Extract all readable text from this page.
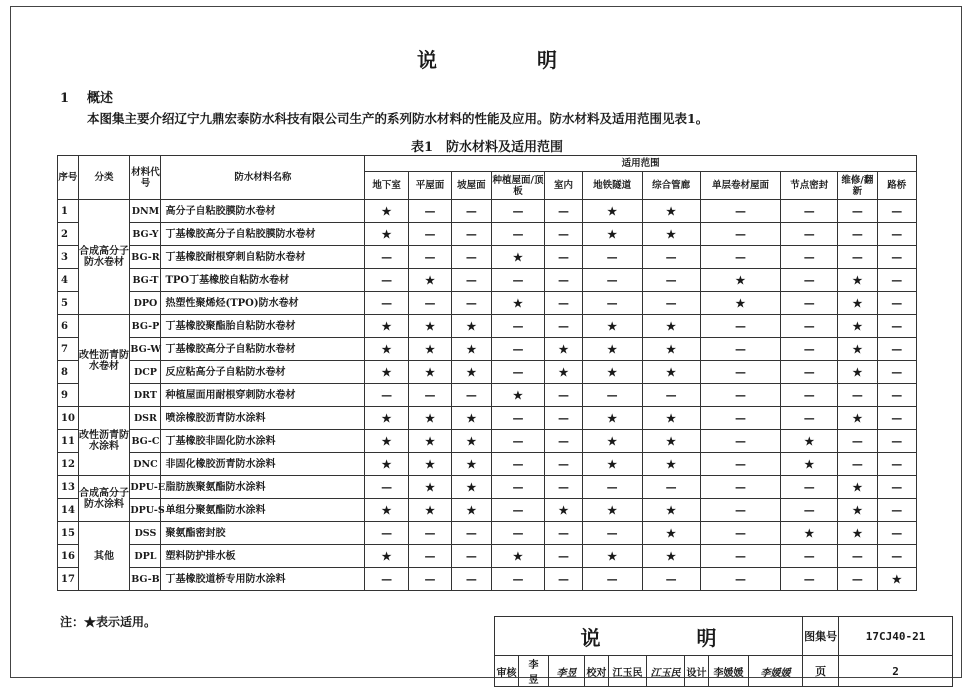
说　明
1 概述
本图集主要介绍辽宁九鼎宏泰防水科技有限公司生产的系列防水材料的性能及应用。防水材料及适用范围见表1。
表1　防水材料及适用范围
序号	分类	材料代号	防水材料名称	适用范围										
				地下室	平屋面	坡屋面	种植屋面/顶板	室内	地铁隧道	综合管廊	单层卷材屋面	节点密封	维修/翻新	路桥
1	合成高分子防水卷材	DNM	高分子自粘胶膜防水卷材	★	—	—	—	—	★	★	—	—	—	—
2		BG-Y	丁基橡胶高分子自粘胶膜防水卷材	★	—	—	—	—	★	★	—	—	—	—
3		BG-R	丁基橡胶耐根穿刺自粘防水卷材	—	—	—	★	—	—	—	—	—	—	—
4		BG-T	TPO丁基橡胶自粘防水卷材	—	★	—	—	—	—	—	★	—	★	—
5		DPO	热塑性聚烯烃(TPO)防水卷材	—	—	—	★	—	—	—	★	—	★	—
6	改性沥青防水卷材	BG-P	丁基橡胶聚酯胎自粘防水卷材	★	★	★	—	—	★	★	—	—	★	—
7		BG-W	丁基橡胶高分子自粘防水卷材	★	★	★	—	★	★	★	—	—	★	—
8		DCP	反应粘高分子自粘防水卷材	★	★	★	—	★	★	★	—	—	★	—
9		DRT	种植屋面用耐根穿刺防水卷材	—	—	—	★	—	—	—	—	—	—	—
10	改性沥青防水涂料	DSR	喷涂橡胶沥青防水涂料	★	★	★	—	—	★	★	—	—	★	—
11		BG-C	丁基橡胶非固化防水涂料	★	★	★	—	—	★	★	—	★	—	—
12		DNC	非固化橡胶沥青防水涂料	★	★	★	—	—	★	★	—	★	—	—
13	合成高分子防水涂料	DPU-E	脂肪族聚氨酯防水涂料	—	★	★	—	—	—	—	—	—	★	—
14		DPU-S	单组分聚氨酯防水涂料	★	★	★	—	★	★	★	—	—	★	—
15	其他	DSS	聚氨酯密封胶	—	—	—	—	—	—	★	—	★	★	—
16		DPL	塑料防护排水板	★	—	—	★	—	★	★	—	—	—	—
17		BG-B	丁基橡胶道桥专用防水涂料	—	—	—	—	—	—	—	—	—	—	★
注：★表示适用。
说　明									图集号	17CJ40-21
审核	李　昱	李昱	校对	江玉民	江玉民	设计	李媛媛	李媛媛	页	2
